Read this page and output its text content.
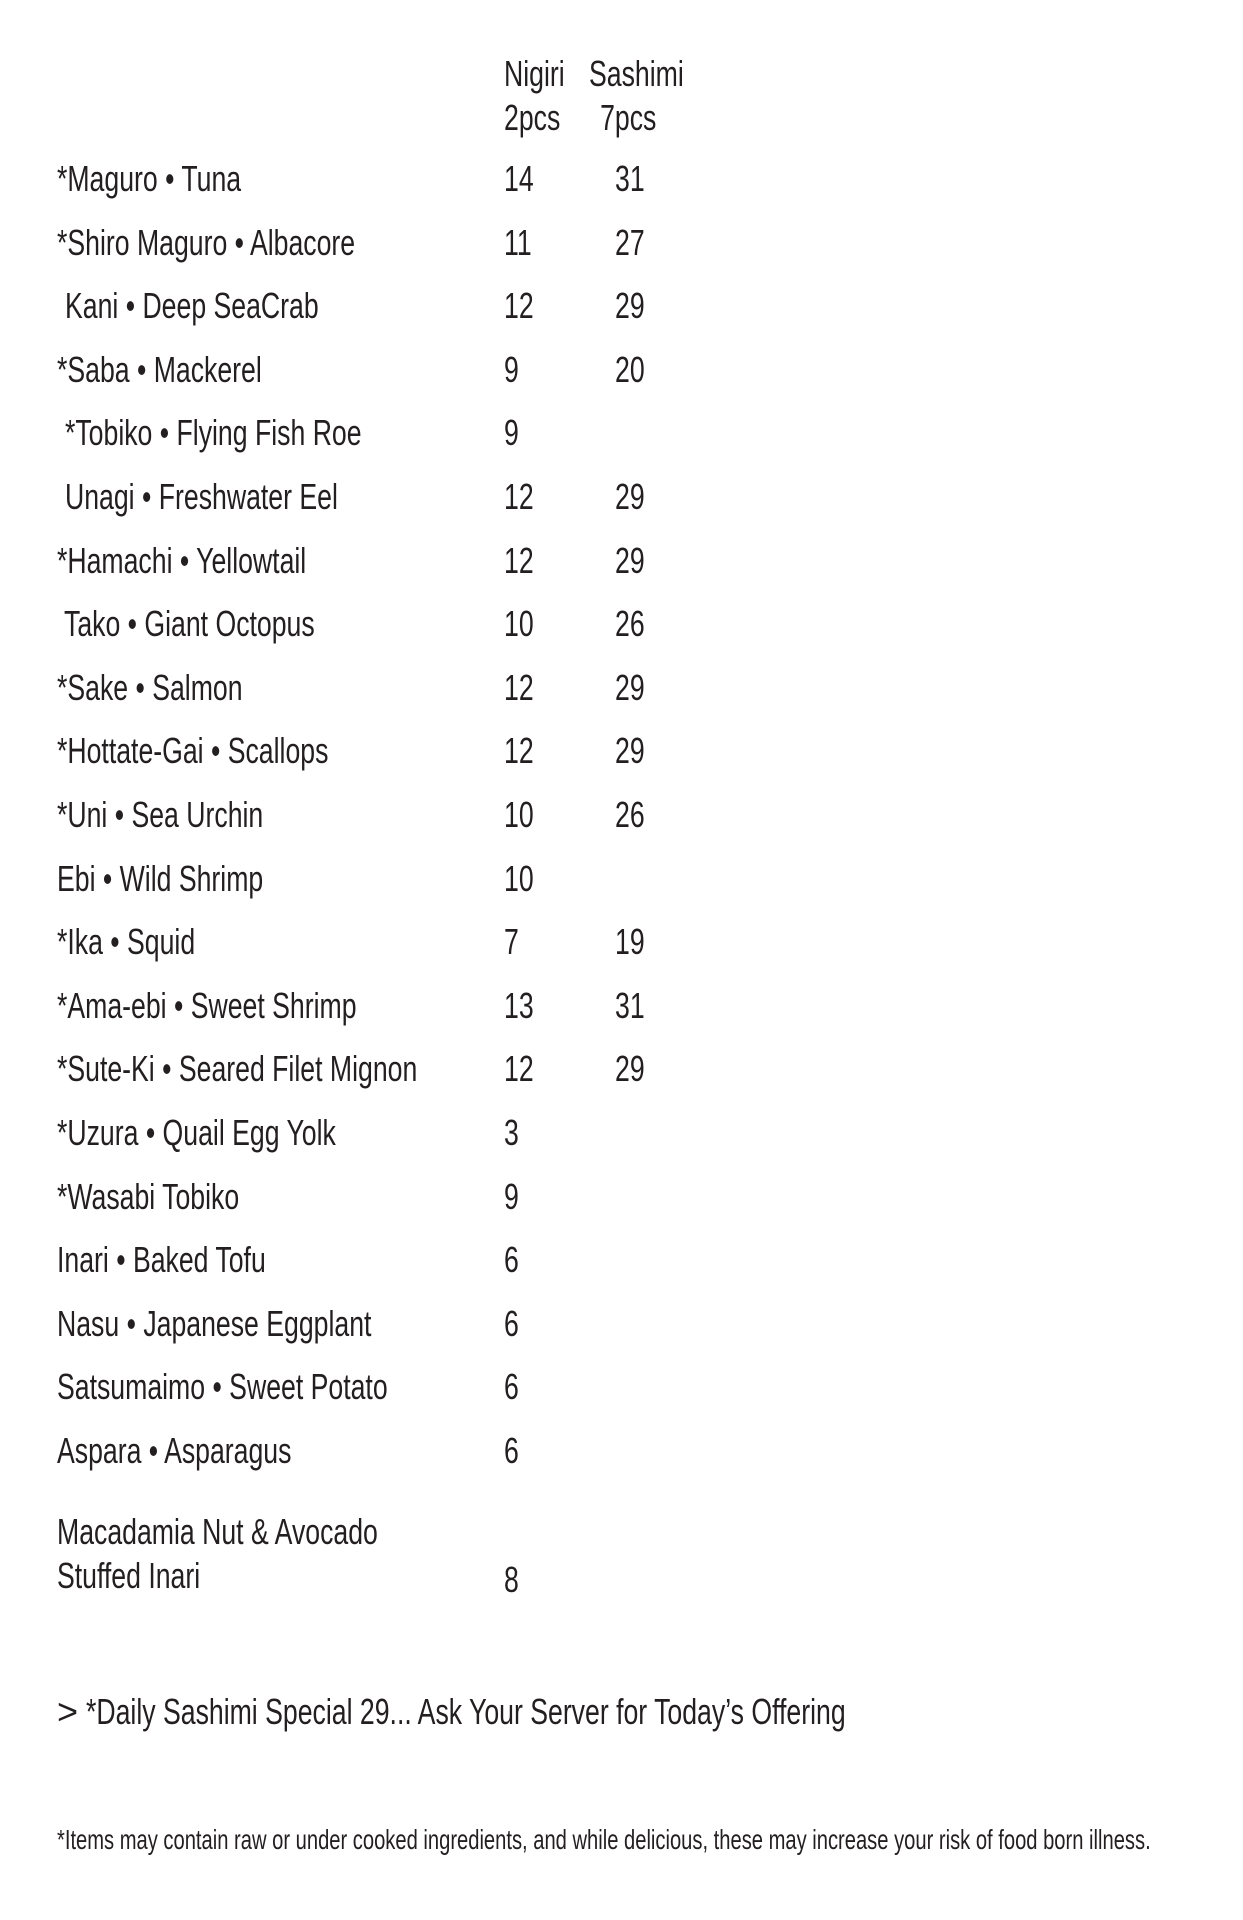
Nigiri
2pcs
Sashimi
7pcs
*Maguro • Tuna	14 31
*Shiro Maguro • Albacore	11 27
Kani • Deep SeaCrab	12 29
*Saba • Mackerel	9	20
*Tobiko • Flying Fish Roe	9
Unagi • Freshwater Eel	12 29
*Hamachi • Yellowtail	12 29
Tako • Giant Octopus	10 26
*Sake • Salmon	12 29
*Hottate-Gai • Scallops	12 29
*Uni • Sea Urchin	10 26
Ebi • Wild Shrimp	10
*Ika • Squid	7	19
*Ama-ebi • Sweet Shrimp	13 31
*Sute-Ki • Seared Filet Mignon 12 29
*Uzura • Quail Egg Yolk	3
*Wasabi Tobiko	9
Inari • Baked Tofu	6
Nasu • Japanese Eggplant	6
Satsumaimo • Sweet Potato	6
Aspara • Asparagus	6
Macadamia Nut & Avocado
Stuffed Inari	8
> *Daily Sashimi Special 29... Ask Your Server for Today’s Offering
*Items may contain raw or under cooked ingredients, and while delicious, these may increase your risk of food born illness.
